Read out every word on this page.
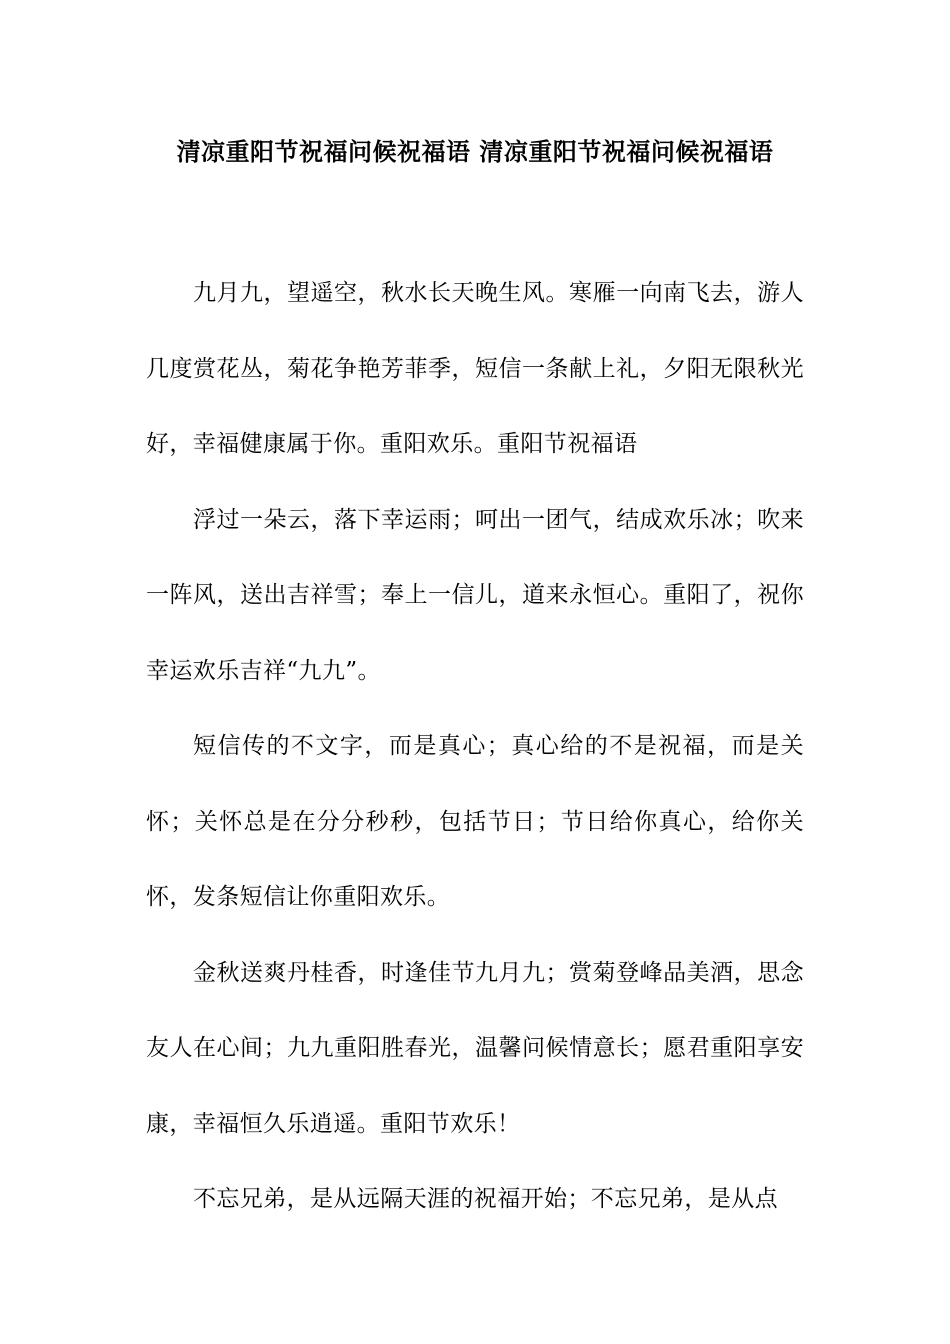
清凉重阳节祝福问候祝福语 清凉重阳节祝福问候祝福语

九月九，望遥空，秋水长天晚生风。寒雁一向南飞去，游人几度赏花丛，菊花争艳芳菲季，短信一条献上礼，夕阳无限秋光好，幸福健康属于你。重阳欢乐。重阳节祝福语

浮过一朵云，落下幸运雨；呵出一团气，结成欢乐冰；吹来一阵风，送出吉祥雪；奉上一信儿，道来永恒心。重阳了，祝你幸运欢乐吉祥“九九”。

短信传的不文字，而是真心；真心给的不是祝福，而是关怀；关怀总是在分分秒秒，包括节日；节日给你真心，给你关怀，发条短信让你重阳欢乐。

金秋送爽丹桂香，时逢佳节九月九；赏菊登峰品美酒，思念友人在心间；九九重阳胜春光，温馨问候情意长；愿君重阳享安康，幸福恒久乐逍遥。重阳节欢乐！

不忘兄弟，是从远隔天涯的祝福开始；不忘兄弟，是从点
